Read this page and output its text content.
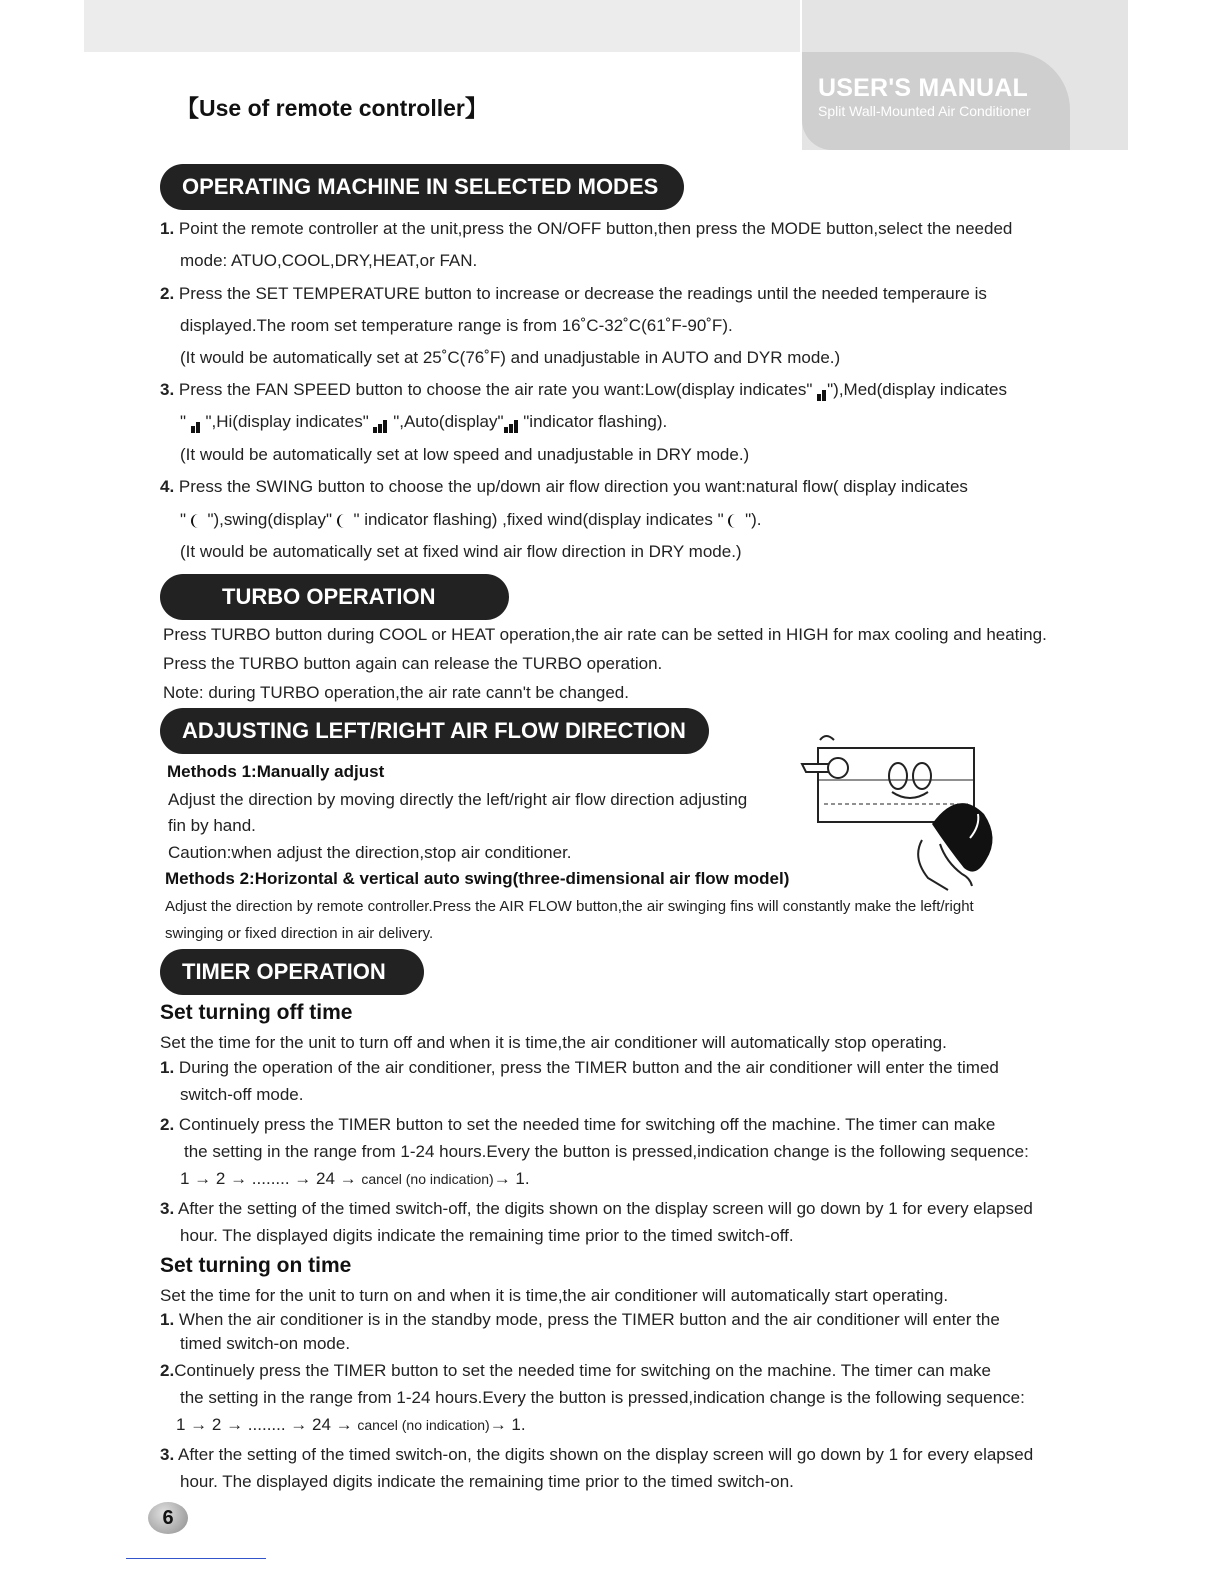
USER'S MANUAL
Split Wall-Mounted Air Conditioner
【Use of remote controller】
OPERATING MACHINE IN SELECTED MODES
1. Point the remote controller at the unit,press the ON/OFF button,then press the MODE button,select the needed
mode: ATUO,COOL,DRY,HEAT,or FAN.
2. Press the SET TEMPERATURE button to increase or decrease the readings until the needed temperaure is
displayed.The room set temperature range is from 16˚C-32˚C(61˚F-90˚F).
(It would be automatically set at 25˚C(76˚F) and unadjustable in AUTO and DYR mode.)
3. Press the FAN SPEED button to choose the air rate you want:Low(display indicates" "),Med(display indicates
"  ",Hi(display indicates"  ",Auto(display" "indicator flashing).
(It would be automatically set at low speed and unadjustable in DRY mode.)
4. Press the SWING button to choose the up/down air flow direction you want:natural flow( display indicates
"  "),swing(display"  " indicator flashing) ,fixed wind(display indicates "  ").
(It would be automatically set at fixed wind air flow direction in DRY mode.)
TURBO OPERATION
Press TURBO button during COOL or HEAT operation,the air rate can be setted in HIGH for max cooling and heating.
Press the TURBO button again can release the TURBO operation.
Note: during TURBO operation,the air rate cann't be changed.
ADJUSTING LEFT/RIGHT AIR FLOW DIRECTION
Methods 1:Manually adjust
Adjust the direction by moving directly the left/right air flow direction adjusting
fin by hand.
Caution:when adjust the direction,stop air conditioner.
Methods 2:Horizontal & vertical auto swing(three-dimensional air flow model)
Adjust the direction by remote controller.Press the AIR FLOW button,the air swinging fins will constantly make the left/right
swinging or fixed direction in air delivery.
TIMER OPERATION
Set turning off time
Set the time for the unit to turn off and when it is time,the air conditioner will automatically stop operating.
1. During the operation of the air conditioner, press the TIMER button and the air conditioner will enter the timed
switch-off mode.
2. Continuely press the TIMER button to set the needed time for switching off the machine. The timer can make
the setting in the range from 1-24 hours.Every the button is pressed,indication change is the following sequence:
1 → 2 → ........ → 24 → cancel (no indication)→ 1.
3. After the setting of the timed switch-off, the digits shown on the display screen will go down by 1 for every elapsed
hour. The displayed digits indicate the remaining time prior to the timed switch-off.
Set turning on time
Set the time for the unit to turn on and when it is time,the air conditioner will automatically start operating.
1. When the air conditioner is in the standby mode, press the TIMER button and the air conditioner will enter the
timed switch-on mode.
2.Continuely press the TIMER button to set the needed time for switching on the machine. The timer can make
the setting in the range from 1-24 hours.Every the button is pressed,indication change is the following sequence:
1 → 2 → ........ → 24 → cancel (no indication)→ 1.
3. After the setting of the timed switch-on, the digits shown on the display screen will go down by 1 for every elapsed
hour. The displayed digits indicate the remaining time prior to the timed switch-on.
6
